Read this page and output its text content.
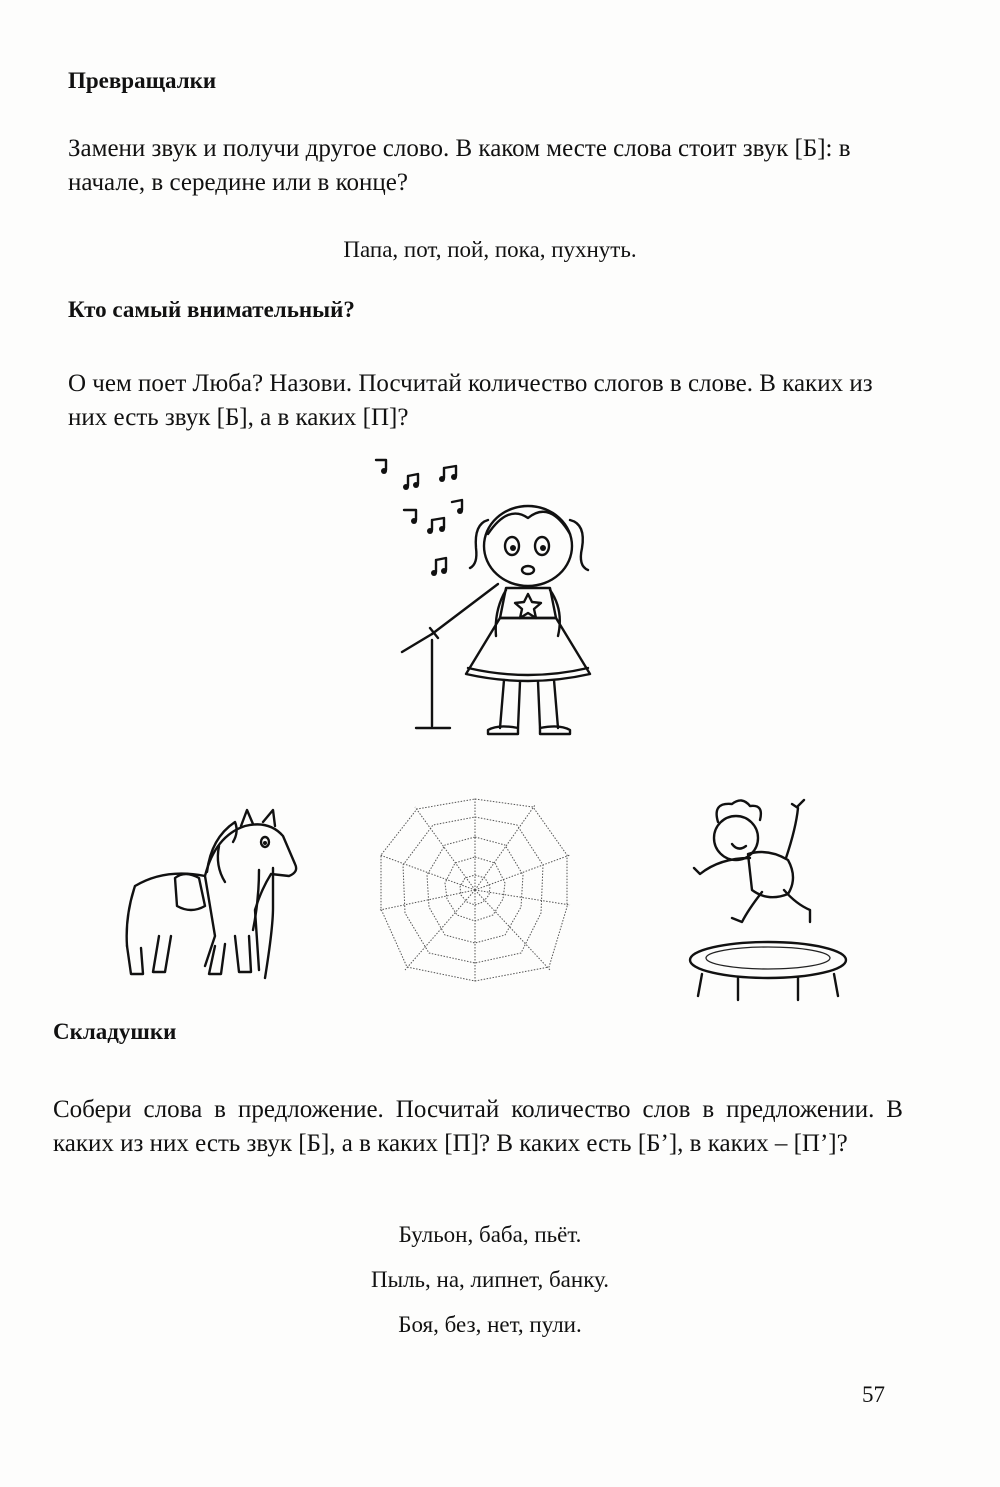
Превращалки
Замени звук и получи другое слово. В каком месте слова стоит звук [Б]: в начале, в середине или в конце?
Папа, пот, пой, пока, пухнуть.
Кто самый внимательный?
О чем поет Люба? Назови. Посчитай количество слогов в слове. В каких из них есть звук [Б], а в каких [П]?
Складушки
Собери слова в предложение. Посчитай количество слов в предложении. В каких из них есть звук [Б], а в каких [П]? В каких есть [Б’], в каких – [П’]?
Бульон, баба, пьёт.
Пыль, на, липнет, банку.
Боя, без, нет, пули.
57
